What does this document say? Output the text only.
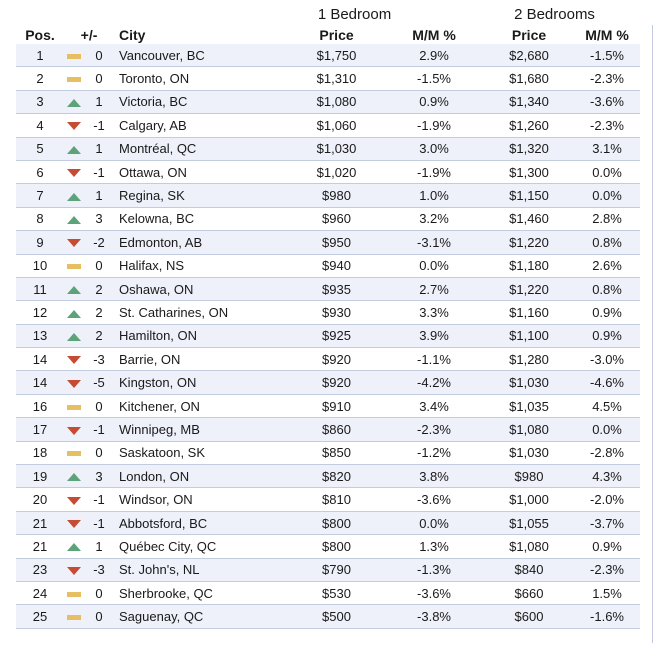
1 Bedroom	2 Bedrooms
Pos.	+/-		City	Price	M/M %	Price	M/M %
1		0	Vancouver, BC	$1,750	2.9%	$2,680	-1.5%
2		0	Toronto, ON	$1,310	-1.5%	$1,680	-2.3%
3		1	Victoria, BC	$1,080	0.9%	$1,340	-3.6%
4		-1	Calgary, AB	$1,060	-1.9%	$1,260	-2.3%
5		1	Montréal, QC	$1,030	3.0%	$1,320	3.1%
6		-1	Ottawa, ON	$1,020	-1.9%	$1,300	0.0%
7		1	Regina, SK	$980	1.0%	$1,150	0.0%
8		3	Kelowna, BC	$960	3.2%	$1,460	2.8%
9		-2	Edmonton, AB	$950	-3.1%	$1,220	0.8%
10		0	Halifax, NS	$940	0.0%	$1,180	2.6%
11		2	Oshawa, ON	$935	2.7%	$1,220	0.8%
12		2	St. Catharines, ON	$930	3.3%	$1,160	0.9%
13		2	Hamilton, ON	$925	3.9%	$1,100	0.9%
14		-3	Barrie, ON	$920	-1.1%	$1,280	-3.0%
14		-5	Kingston, ON	$920	-4.2%	$1,030	-4.6%
16		0	Kitchener, ON	$910	3.4%	$1,035	4.5%
17		-1	Winnipeg, MB	$860	-2.3%	$1,080	0.0%
18		0	Saskatoon, SK	$850	-1.2%	$1,030	-2.8%
19		3	London, ON	$820	3.8%	$980	4.3%
20		-1	Windsor, ON	$810	-3.6%	$1,000	-2.0%
21		-1	Abbotsford, BC	$800	0.0%	$1,055	-3.7%
21		1	Québec City, QC	$800	1.3%	$1,080	0.9%
23		-3	St. John's, NL	$790	-1.3%	$840	-2.3%
24		0	Sherbrooke, QC	$530	-3.6%	$660	1.5%
25		0	Saguenay, QC	$500	-3.8%	$600	-1.6%
